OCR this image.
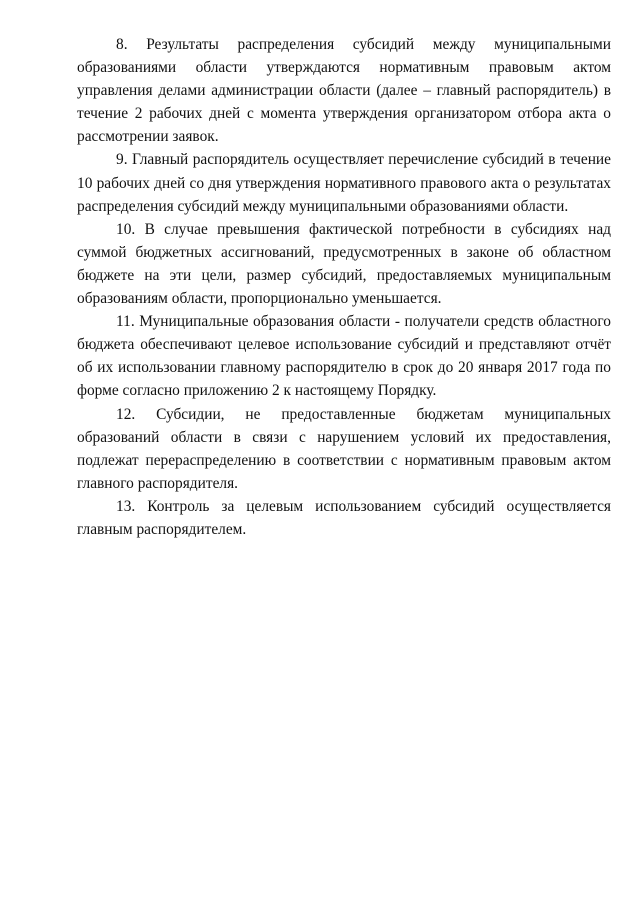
8. Результаты распределения субсидий между муниципальными образованиями области утверждаются нормативным правовым актом управления делами администрации области (далее – главный распорядитель) в течение 2 рабочих дней с момента утверждения организатором отбора акта о рассмотрении заявок.

9. Главный распорядитель осуществляет перечисление субсидий в течение 10 рабочих дней со дня утверждения нормативного правового акта о результатах распределения субсидий между муниципальными образованиями области.

10. В случае превышения фактической потребности в субсидиях над суммой бюджетных ассигнований, предусмотренных в законе об областном бюджете на эти цели, размер субсидий, предоставляемых муниципальным образованиям области, пропорционально уменьшается.

11. Муниципальные образования области - получатели средств областного бюджета обеспечивают целевое использование субсидий и представляют отчёт об их использовании главному распорядителю в срок до 20 января 2017 года по форме согласно приложению 2 к настоящему Порядку.

12. Субсидии, не предоставленные бюджетам муниципальных образований области в связи с нарушением условий их предоставления, подлежат перераспределению в соответствии с нормативным правовым актом главного распорядителя.

13. Контроль за целевым использованием субсидий осуществляется главным распорядителем.
